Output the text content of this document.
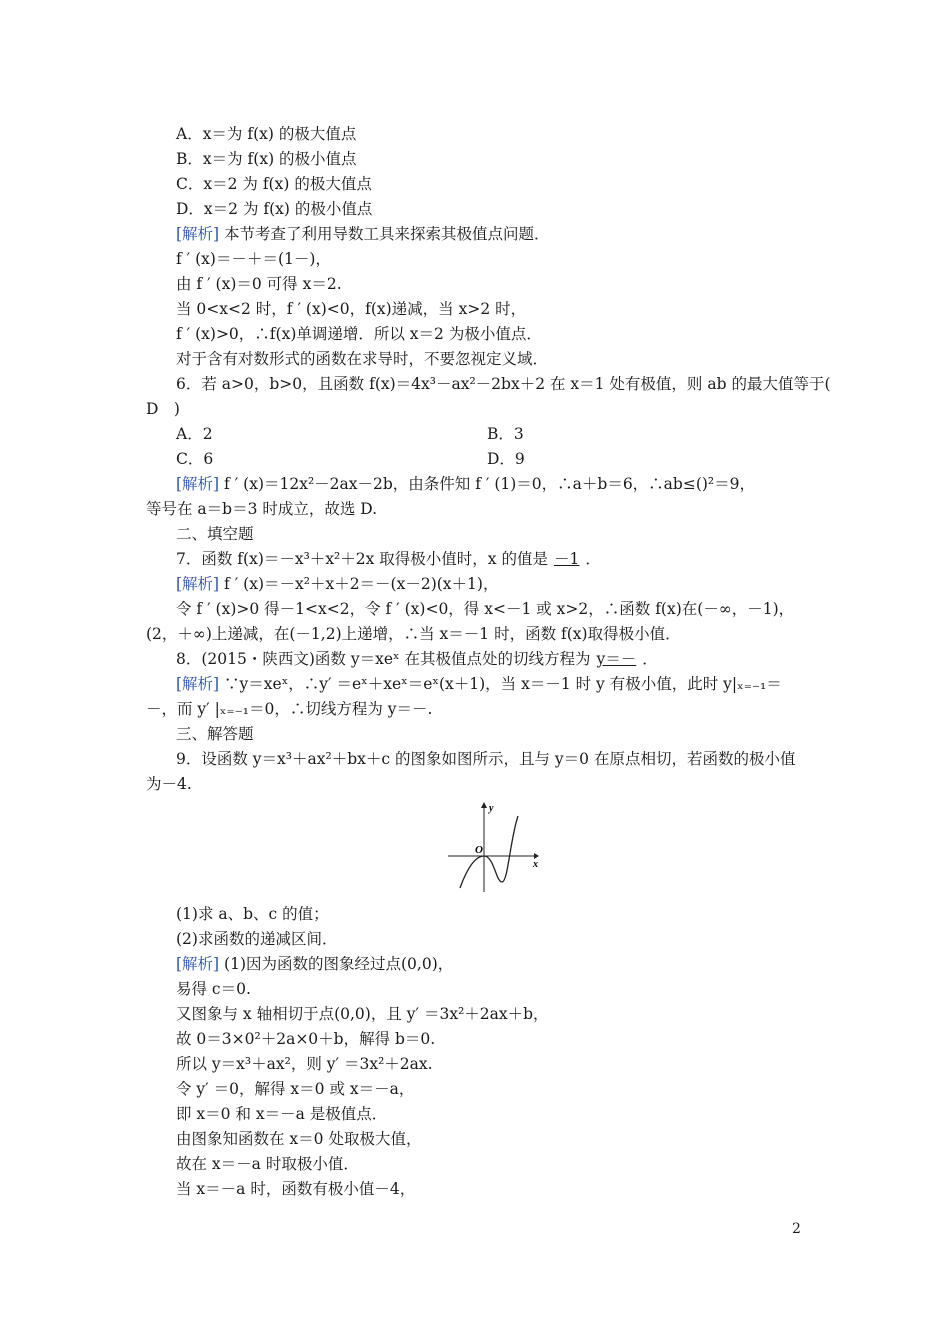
A．x＝为 f(x) 的极大值点
B．x＝为 f(x) 的极小值点
C．x＝2 为 f(x) 的极大值点
D．x＝2 为 f(x) 的极小值点
[解析] 本节考查了利用导数工具来探索其极值点问题．
f ′ (x)＝－＋＝(1－)，
由 f ′ (x)＝0 可得 x＝2.
当 0<x<2 时，f ′ (x)<0，f(x)递减，当 x>2 时，
f ′ (x)>0，∴f(x)单调递增．所以 x＝2 为极小值点．
对于含有对数形式的函数在求导时，不要忽视定义域．
6．若 a>0，b>0，且函数 f(x)＝4x³－ax²－2bx＋2 在 x＝1 处有极值，则 ab 的最大值等于(
D　)
A．2	B．3
C．6	D．9
[解析] f ′ (x)＝12x²－2ax－2b，由条件知 f ′ (1)＝0，∴a＋b＝6，∴ab≤()²＝9，
等号在 a＝b＝3 时成立，故选 D.
二、填空题
7．函数 f(x)＝－x³＋x²＋2x 取得极小值时，x 的值是 －1 ．
[解析] f ′ (x)＝－x²＋x＋2＝－(x－2)(x＋1)，
令 f ′ (x)>0 得－1<x<2，令 f ′ (x)<0，得 x<－1 或 x>2，∴函数 f(x)在(－∞，－1)，
(2，＋∞)上递减，在(－1,2)上递增，∴当 x＝－1 时，函数 f(x)取得极小值．
8．(2015・陕西文)函数 y＝xeˣ 在其极值点处的切线方程为 y＝－ ．
[解析] ∵y＝xeˣ，∴y′ ＝eˣ＋xeˣ＝eˣ(x＋1)，当 x＝－1 时 y 有极小值，此时 y|ₓ₌₋₁＝
－，而 y′ |ₓ₌₋₁＝0，∴切线方程为 y＝－.
三、解答题
9．设函数 y＝x³＋ax²＋bx＋c 的图象如图所示，且与 y＝0 在原点相切，若函数的极小值
为－4.
y
x
O
(1)求 a、b、c 的值；
(2)求函数的递减区间．
[解析] (1)因为函数的图象经过点(0,0)，
易得 c＝0.
又图象与 x 轴相切于点(0,0)，且 y′ ＝3x²＋2ax＋b，
故 0＝3×0²＋2a×0＋b，解得 b＝0.
所以 y＝x³＋ax²，则 y′ ＝3x²＋2ax.
令 y′ ＝0，解得 x＝0 或 x＝－a，
即 x＝0 和 x＝－a 是极值点．
由图象知函数在 x＝0 处取极大值，
故在 x＝－a 时取极小值．
当 x＝－a 时，函数有极小值－4，
2
